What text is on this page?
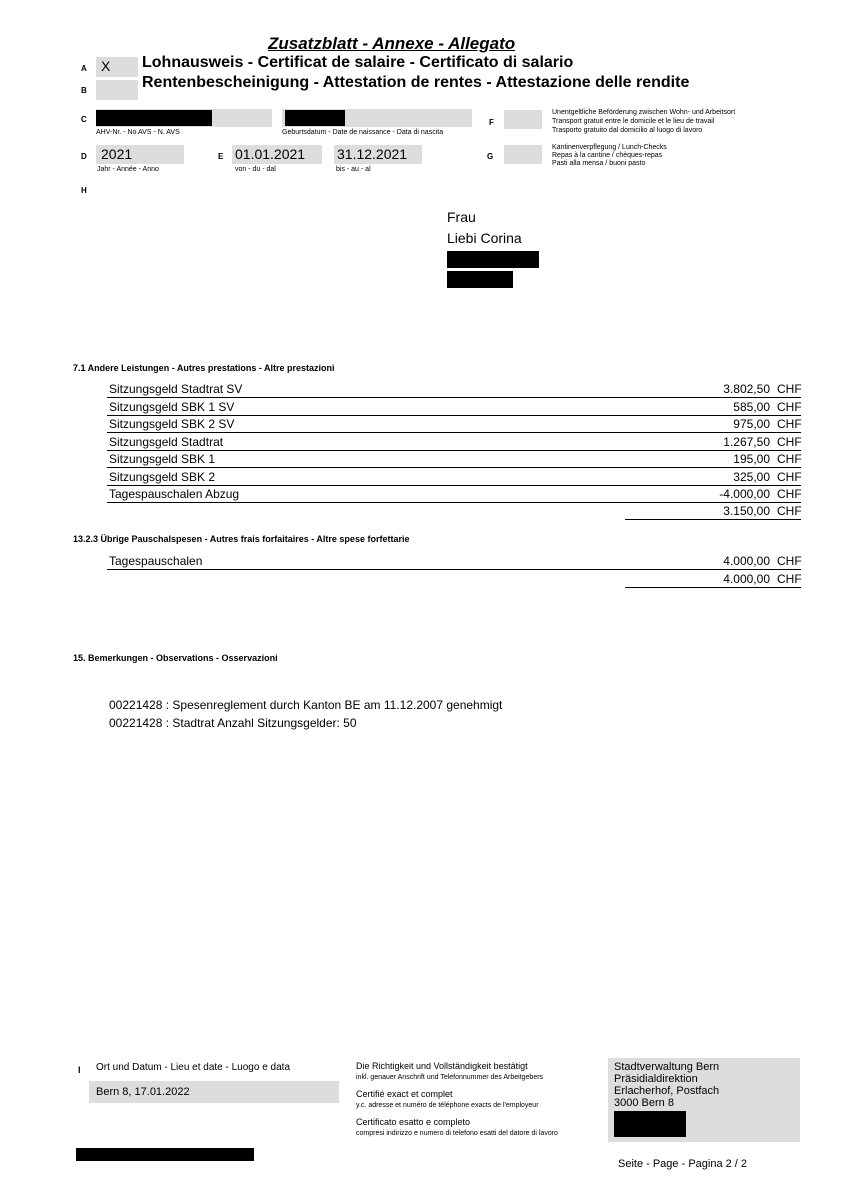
Zusatzblatt - Annexe - Allegato
A X Lohnausweis - Certificat de salaire - Certificato di salario
B	Rentenbescheinigung - Attestation de rentes - Attestazione delle rendite
C
AHV-Nr. - No AVS - N. AVS	Geburtsdatum - Date de naissance - Data di nascita
F
Unentgeltliche Beförderung zwischen Wohn- und Arbeitsort
Transport gratuit entre le domicile et le lieu de travail
Trasporto gratuito dal domicilio al luogo di lavoro
D 2021
Jahr - Année - Anno
E 01.01.2021
von - du - dal
31.12.2021
bis - au - al
G
Kantinenverpflegung / Lunch-Checks
Repas à la cantine / chèques-repas
Pasti alla mensa / buoni pasto
H
Frau
Liebi Corina
7.1 Andere Leistungen - Autres prestations - Altre prestazioni
Sitzungsgeld Stadtrat SV	3.802,50 CHF
Sitzungsgeld SBK 1 SV	585,00 CHF
Sitzungsgeld SBK 2 SV	975,00 CHF
Sitzungsgeld Stadtrat	1.267,50 CHF
Sitzungsgeld SBK 1	195,00 CHF
Sitzungsgeld SBK 2	325,00 CHF
Tagespauschalen Abzug	-4.000,00 CHF
3.150,00 CHF
13.2.3 Übrige Pauschalspesen - Autres frais forfaitaires - Altre spese forfettarie
Tagespauschalen	4.000,00 CHF
4.000,00 CHF
15. Bemerkungen - Observations - Osservazioni
00221428 : Spesenreglement durch Kanton BE am 11.12.2007 genehmigt
00221428 : Stadtrat Anzahl Sitzungsgelder: 50
I Ort und Datum - Lieu et date - Luogo e data
Bern 8, 17.01.2022
Die Richtigkeit und Vollständigkeit bestätigt
inkl. genauer Anschrift und Telefonnummer des Arbeitgebers
Certifié exact et complet
y.c. adresse et numéro de téléphone exacts de l'employeur
Certificato esatto e completo
compresi indirizzo e numero di telefono esatti del datore di lavoro
Stadtverwaltung Bern
Präsidialdirektion
Erlacherhof, Postfach
3000 Bern 8
Seite - Page - Pagina 2 / 2
